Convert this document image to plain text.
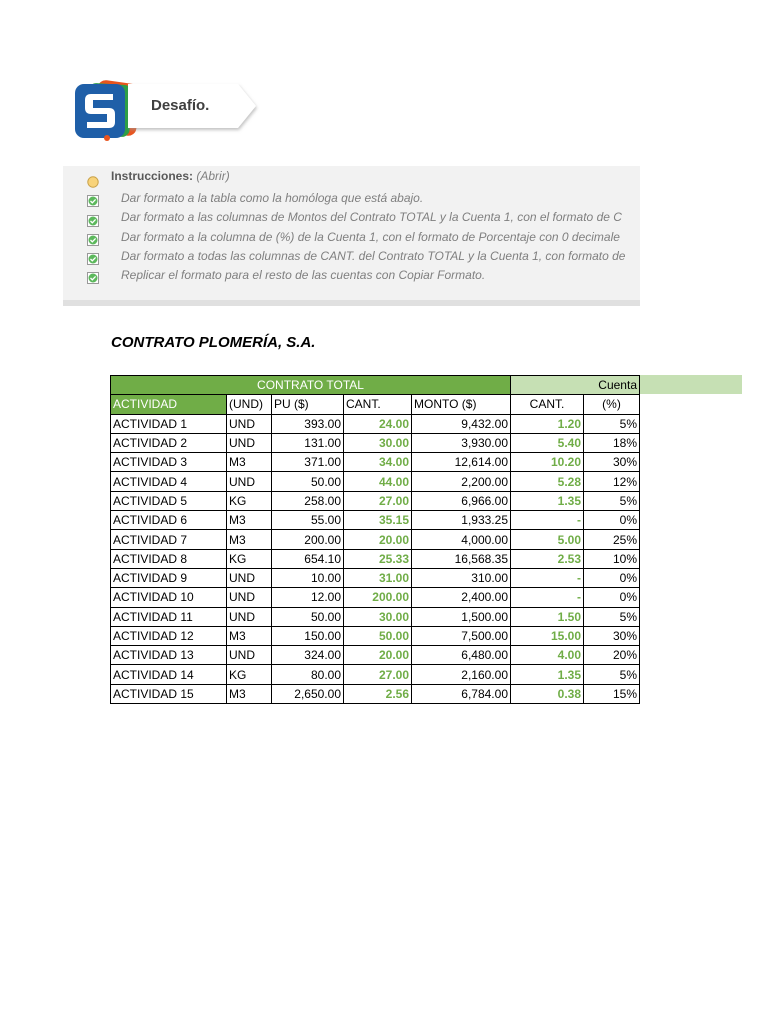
Desafío.
Instrucciones: (Abrir)
Dar formato a la tabla como la homóloga que está abajo.
Dar formato a las columnas de Montos del Contrato TOTAL y la Cuenta 1, con el formato de C
Dar formato a la columna de (%) de la Cuenta 1, con el formato de Porcentaje con 0 decimale
Dar formato a todas las columnas de CANT. del Contrato TOTAL y la Cuenta 1, con formato de
Replicar el formato para el resto de las cuentas con Copiar Formato.
CONTRATO PLOMERÍA, S.A.
CONTRATO TOTAL					Cuenta	
ACTIVIDAD	(UND)	PU ($)	CANT.	MONTO ($)	CANT.	(%)
ACTIVIDAD 1	UND	393.00	24.00	9,432.00	1.20	5%
ACTIVIDAD 2	UND	131.00	30.00	3,930.00	5.40	18%
ACTIVIDAD 3	M3	371.00	34.00	12,614.00	10.20	30%
ACTIVIDAD 4	UND	50.00	44.00	2,200.00	5.28	12%
ACTIVIDAD 5	KG	258.00	27.00	6,966.00	1.35	5%
ACTIVIDAD 6	M3	55.00	35.15	1,933.25	-	0%
ACTIVIDAD 7	M3	200.00	20.00	4,000.00	5.00	25%
ACTIVIDAD 8	KG	654.10	25.33	16,568.35	2.53	10%
ACTIVIDAD 9	UND	10.00	31.00	310.00	-	0%
ACTIVIDAD 10	UND	12.00	200.00	2,400.00	-	0%
ACTIVIDAD 11	UND	50.00	30.00	1,500.00	1.50	5%
ACTIVIDAD 12	M3	150.00	50.00	7,500.00	15.00	30%
ACTIVIDAD 13	UND	324.00	20.00	6,480.00	4.00	20%
ACTIVIDAD 14	KG	80.00	27.00	2,160.00	1.35	5%
ACTIVIDAD 15	M3	2,650.00	2.56	6,784.00	0.38	15%
